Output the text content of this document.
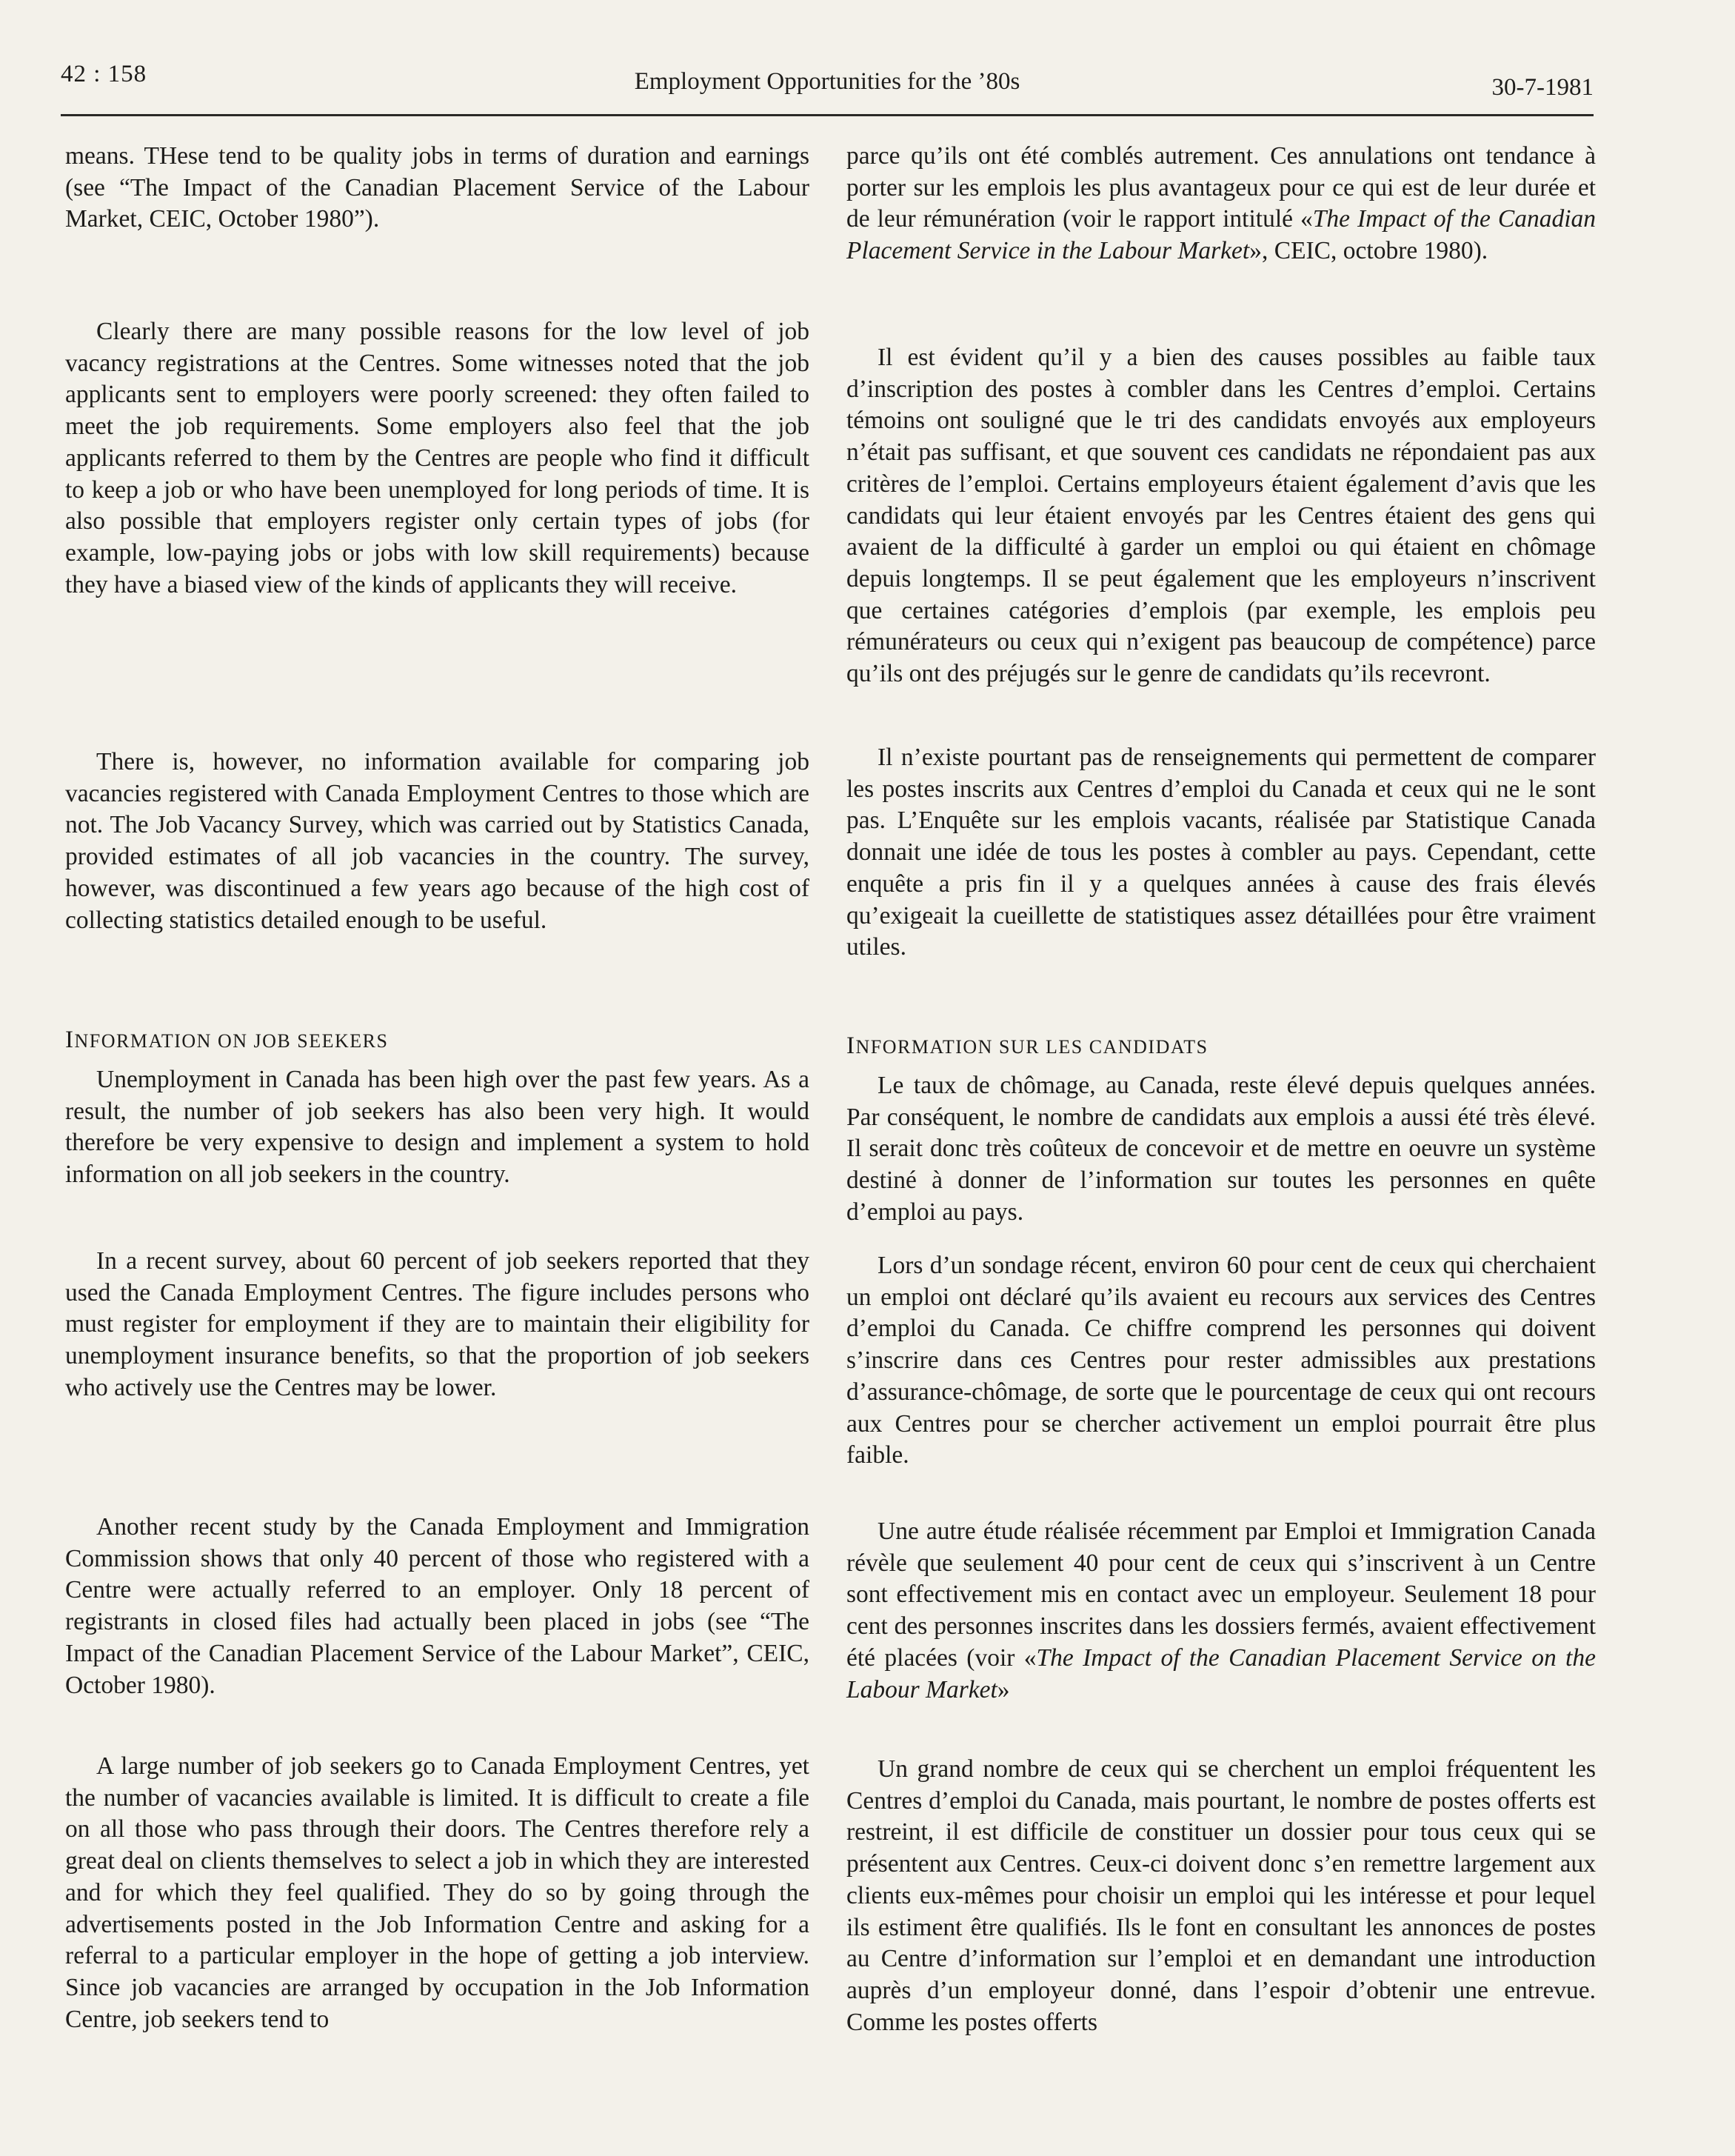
42 : 158	Employment Opportunities for the ’80s	30-7-1981

means. THese tend to be quality jobs in terms of duration and earnings (see “The Impact of the Canadian Placement Service of the Labour Market, CEIC, October 1980”).

Clearly there are many possible reasons for the low level of job vacancy registrations at the Centres. Some witnesses noted that the job applicants sent to employers were poorly screened: they often failed to meet the job requirements. Some employers also feel that the job applicants referred to them by the Centres are people who find it difficult to keep a job or who have been unemployed for long periods of time. It is also possible that employers register only certain types of jobs (for example, low-paying jobs or jobs with low skill requirements) because they have a biased view of the kinds of applicants they will receive.

There is, however, no information available for comparing job vacancies registered with Canada Employment Centres to those which are not. The Job Vacancy Survey, which was carried out by Statistics Canada, provided estimates of all job vacancies in the country. The survey, however, was discontinued a few years ago because of the high cost of collecting statistics detailed enough to be useful.

INFORMATION ON JOB SEEKERS

Unemployment in Canada has been high over the past few years. As a result, the number of job seekers has also been very high. It would therefore be very expensive to design and implement a system to hold information on all job seekers in the country.

In a recent survey, about 60 percent of job seekers reported that they used the Canada Employment Centres. The figure includes persons who must register for employment if they are to maintain their eligibility for unemployment insurance benefits, so that the proportion of job seekers who actively use the Centres may be lower.

Another recent study by the Canada Employment and Immigration Commission shows that only 40 percent of those who registered with a Centre were actually referred to an employer. Only 18 percent of registrants in closed files had actually been placed in jobs (see “The Impact of the Canadian Placement Service of the Labour Market”, CEIC, October 1980).

A large number of job seekers go to Canada Employment Centres, yet the number of vacancies available is limited. It is difficult to create a file on all those who pass through their doors. The Centres therefore rely a great deal on clients themselves to select a job in which they are interested and for which they feel qualified. They do so by going through the advertisements posted in the Job Information Centre and asking for a referral to a particular employer in the hope of getting a job interview. Since job vacancies are arranged by occupation in the Job Information Centre, job seekers tend to

parce qu’ils ont été comblés autrement. Ces annulations ont tendance à porter sur les emplois les plus avantageux pour ce qui est de leur durée et de leur rémunération (voir le rapport intitulé «The Impact of the Canadian Placement Service in the Labour Market», CEIC, octobre 1980).

Il est évident qu’il y a bien des causes possibles au faible taux d’inscription des postes à combler dans les Centres d’emploi. Certains témoins ont souligné que le tri des candidats envoyés aux employeurs n’était pas suffisant, et que souvent ces candidats ne répondaient pas aux critères de l’emploi. Certains employeurs étaient également d’avis que les candidats qui leur étaient envoyés par les Centres étaient des gens qui avaient de la difficulté à garder un emploi ou qui étaient en chômage depuis longtemps. Il se peut également que les employeurs n’inscrivent que certaines catégories d’emplois (par exemple, les emplois peu rémunérateurs ou ceux qui n’exigent pas beaucoup de compétence) parce qu’ils ont des préjugés sur le genre de candidats qu’ils recevront.

Il n’existe pourtant pas de renseignements qui permettent de comparer les postes inscrits aux Centres d’emploi du Canada et ceux qui ne le sont pas. L’Enquête sur les emplois vacants, réalisée par Statistique Canada donnait une idée de tous les postes à combler au pays. Cependant, cette enquête a pris fin il y a quelques années à cause des frais élevés qu’exigeait la cueillette de statistiques assez détaillées pour être vraiment utiles.

INFORMATION SUR LES CANDIDATS

Le taux de chômage, au Canada, reste élevé depuis quelques années. Par conséquent, le nombre de candidats aux emplois a aussi été très élevé. Il serait donc très coûteux de concevoir et de mettre en oeuvre un système destiné à donner de l’information sur toutes les personnes en quête d’emploi au pays.

Lors d’un sondage récent, environ 60 pour cent de ceux qui cherchaient un emploi ont déclaré qu’ils avaient eu recours aux services des Centres d’emploi du Canada. Ce chiffre comprend les personnes qui doivent s’inscrire dans ces Centres pour rester admissibles aux prestations d’assurance-chômage, de sorte que le pourcentage de ceux qui ont recours aux Centres pour se chercher activement un emploi pourrait être plus faible.

Une autre étude réalisée récemment par Emploi et Immigration Canada révèle que seulement 40 pour cent de ceux qui s’inscrivent à un Centre sont effectivement mis en contact avec un employeur. Seulement 18 pour cent des personnes inscrites dans les dossiers fermés, avaient effectivement été placées (voir «The Impact of the Canadian Placement Service on the Labour Market»

Un grand nombre de ceux qui se cherchent un emploi fréquentent les Centres d’emploi du Canada, mais pourtant, le nombre de postes offerts est restreint, il est difficile de constituer un dossier pour tous ceux qui se présentent aux Centres. Ceux-ci doivent donc s’en remettre largement aux clients eux-mêmes pour choisir un emploi qui les intéresse et pour lequel ils estiment être qualifiés. Ils le font en consultant les annonces de postes au Centre d’information sur l’emploi et en demandant une introduction auprès d’un employeur donné, dans l’espoir d’obtenir une entrevue. Comme les postes offerts
